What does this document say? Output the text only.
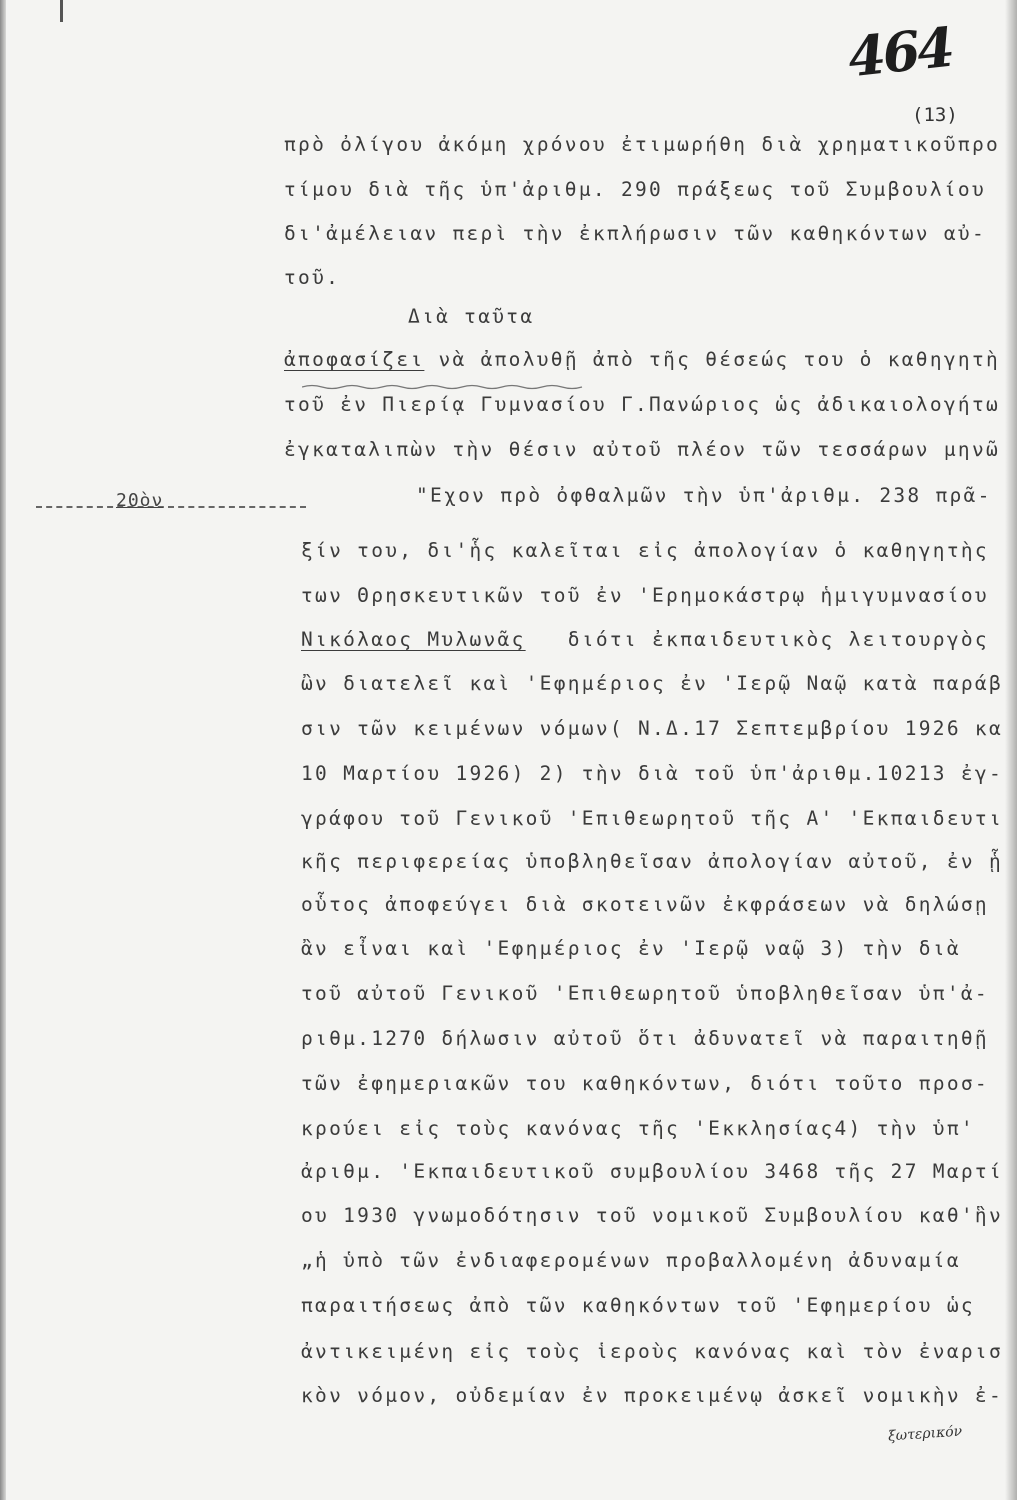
464
(13)
πρὸ ὀλίγου ἀκόμη χρόνου ἐτιμωρήθη διὰ χρηματικοῦπρο
τίμου διὰ τῆς ὑπ'ἀριθμ. 290 πράξεως τοῦ Συμβουλίου
δι'ἀμέλειαν περὶ τὴν ἐκπλήρωσιν τῶν καθηκόντων αὐ-
τοῦ.
Διὰ ταῦτα
ἀποφασίζει νὰ ἀπολυθῇ ἀπὸ τῆς θέσεώς του ὁ καθηγητὴ
τοῦ ἐν Πιερίᾳ Γυμνασίου Γ.Πανώριος ὡς ἀδικαιολογήτω
ἐγκαταλιπὼν τὴν θέσιν αὐτοῦ πλέον τῶν τεσσάρων μηνῶ
20ὸν	"Εχον πρὸ ὀφθαλμῶν τὴν ὑπ'ἀριθμ. 238 πρᾶ-
ξίν του, δι'ἧς καλεῖται εἰς ἀπολογίαν ὁ καθηγητὴς
των Θρησκευτικῶν τοῦ ἐν 'Ερημοκάστρῳ ἡμιγυμνασίου
Νικόλαος Μυλωνᾶς διότι ἐκπαιδευτικὸς λειτουργὸς
ὢν διατελεῖ καὶ 'Εφημέριος ἐν 'Ιερῷ Ναῷ κατὰ παράβ
σιν τῶν κειμένων νόμων( Ν.Δ.17 Σεπτεμβρίου 1926 κα
10 Μαρτίου 1926) 2) τὴν διὰ τοῦ ὑπ'ἀριθμ.10213 ἐγ-
γράφου τοῦ Γενικοῦ 'Επιθεωρητοῦ τῆς Α' 'Εκπαιδευτι
κῆς περιφερείας ὑποβληθεῖσαν ἀπολογίαν αὐτοῦ, ἐν ᾗ
οὗτος ἀποφεύγει διὰ σκοτεινῶν ἐκφράσεων νὰ δηλώσῃ
ἂν εἶναι καὶ 'Εφημέριος ἐν 'Ιερῷ ναῷ 3) τὴν διὰ
τοῦ αὐτοῦ Γενικοῦ 'Επιθεωρητοῦ ὑποβληθεῖσαν ὑπ'ἀ-
ριθμ.1270 δήλωσιν αὐτοῦ ὅτι ἀδυνατεῖ νὰ παραιτηθῇ
τῶν ἐφημεριακῶν του καθηκόντων, διότι τοῦτο προσ-
κρούει εἰς τοὺς κανόνας τῆς 'Εκκλησίας4) τὴν ὑπ'
ἀριθμ. 'Εκπαιδευτικοῦ συμβουλίου 3468 τῆς 27 Μαρτί
ου 1930 γνωμοδότησιν τοῦ νομικοῦ Συμβουλίου καθ'ἣν
„ἡ ὑπὸ τῶν ἐνδιαφερομένων προβαλλομένη ἀδυναμία
παραιτήσεως ἀπὸ τῶν καθηκόντων τοῦ 'Εφημερίου ὡς
ἀντικειμένη εἰς τοὺς ἱεροὺς κανόνας καὶ τὸν ἐναρισ
ξωτερικόν
κὸν νόμον, οὐδεμίαν ἐν προκειμένῳ ἀσκεῖ νομικὴν ἐ-
